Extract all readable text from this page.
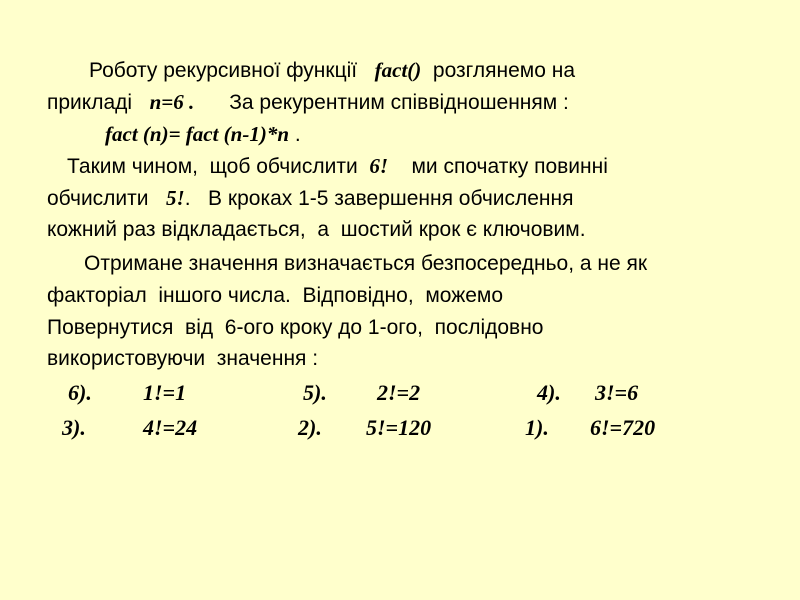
Роботу рекурсивної функції   fact()  розглянемо на
прикладі   n=6 .      За рекурентним співвідношенням :
fact (n)= fact (n-1)*n .
Таким чином,  щоб обчислити  6!    ми спочатку повинні
обчислити   5!.   В кроках 1-5 завершення обчислення
кожний раз відкладається,  а  шостий крок є ключовим.
Отримане значення визначається безпосередньо, а не як
факторіал  іншого числа.  Відповідно,  можемо
Повернутися  від  6-ого кроку до 1-ого,  послідовно
використовуючи  значення :
6). 1!=1	5). 2!=2	4). 3!=6
3).	4!=24	2). 5!=120	1). 6!=720
